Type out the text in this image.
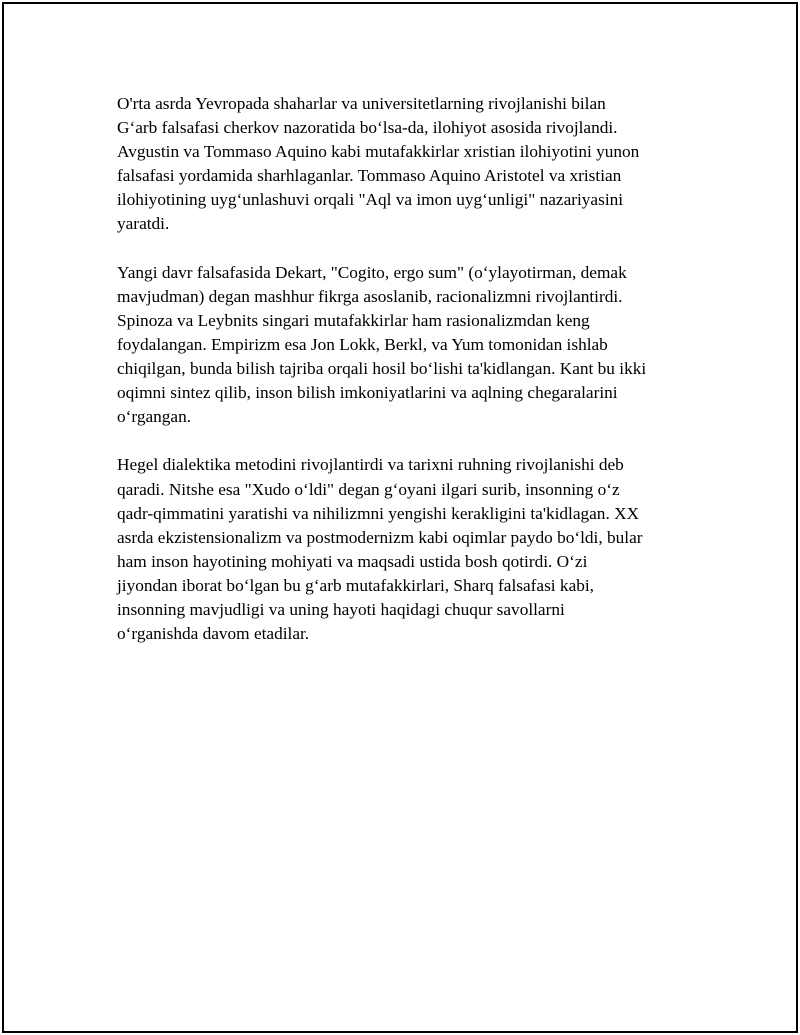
O'rta asrda Yevropada shaharlar va universitetlarning rivojlanishi bilan
G‘arb falsafasi cherkov nazoratida bo‘lsa-da, ilohiyot asosida rivojlandi.
Avgustin va Tommaso Aquino kabi mutafakkirlar xristian ilohiyotini yunon
falsafasi yordamida sharhlaganlar. Tommaso Aquino Aristotel va xristian
ilohiyotining uyg‘unlashuvi orqali "Aql va imon uyg‘unligi" nazariyasini
yaratdi.

Yangi davr falsafasida Dekart, "Cogito, ergo sum" (o‘ylayotirman, demak
mavjudman) degan mashhur fikrga asoslanib, racionalizmni rivojlantirdi.
Spinoza va Leybnits singari mutafakkirlar ham rasionalizmdan keng
foydalangan. Empirizm esa Jon Lokk, Berkl, va Yum tomonidan ishlab
chiqilgan, bunda bilish tajriba orqali hosil bo‘lishi ta'kidlangan. Kant bu ikki
oqimni sintez qilib, inson bilish imkoniyatlarini va aqlning chegaralarini
o‘rgangan.

Hegel dialektika metodini rivojlantirdi va tarixni ruhning rivojlanishi deb
qaradi. Nitshe esa "Xudo o‘ldi" degan g‘oyani ilgari surib, insonning o‘z
qadr-qimmatini yaratishi va nihilizmni yengishi kerakligini ta'kidlagan. XX
asrda ekzistensionalizm va postmodernizm kabi oqimlar paydo bo‘ldi, bular
ham inson hayotining mohiyati va maqsadi ustida bosh qotirdi. O‘zi
jiyondan iborat bo‘lgan bu g‘arb mutafakkirlari, Sharq falsafasi kabi,
insonning mavjudligi va uning hayoti haqidagi chuqur savollarni
o‘rganishda davom etadilar.
